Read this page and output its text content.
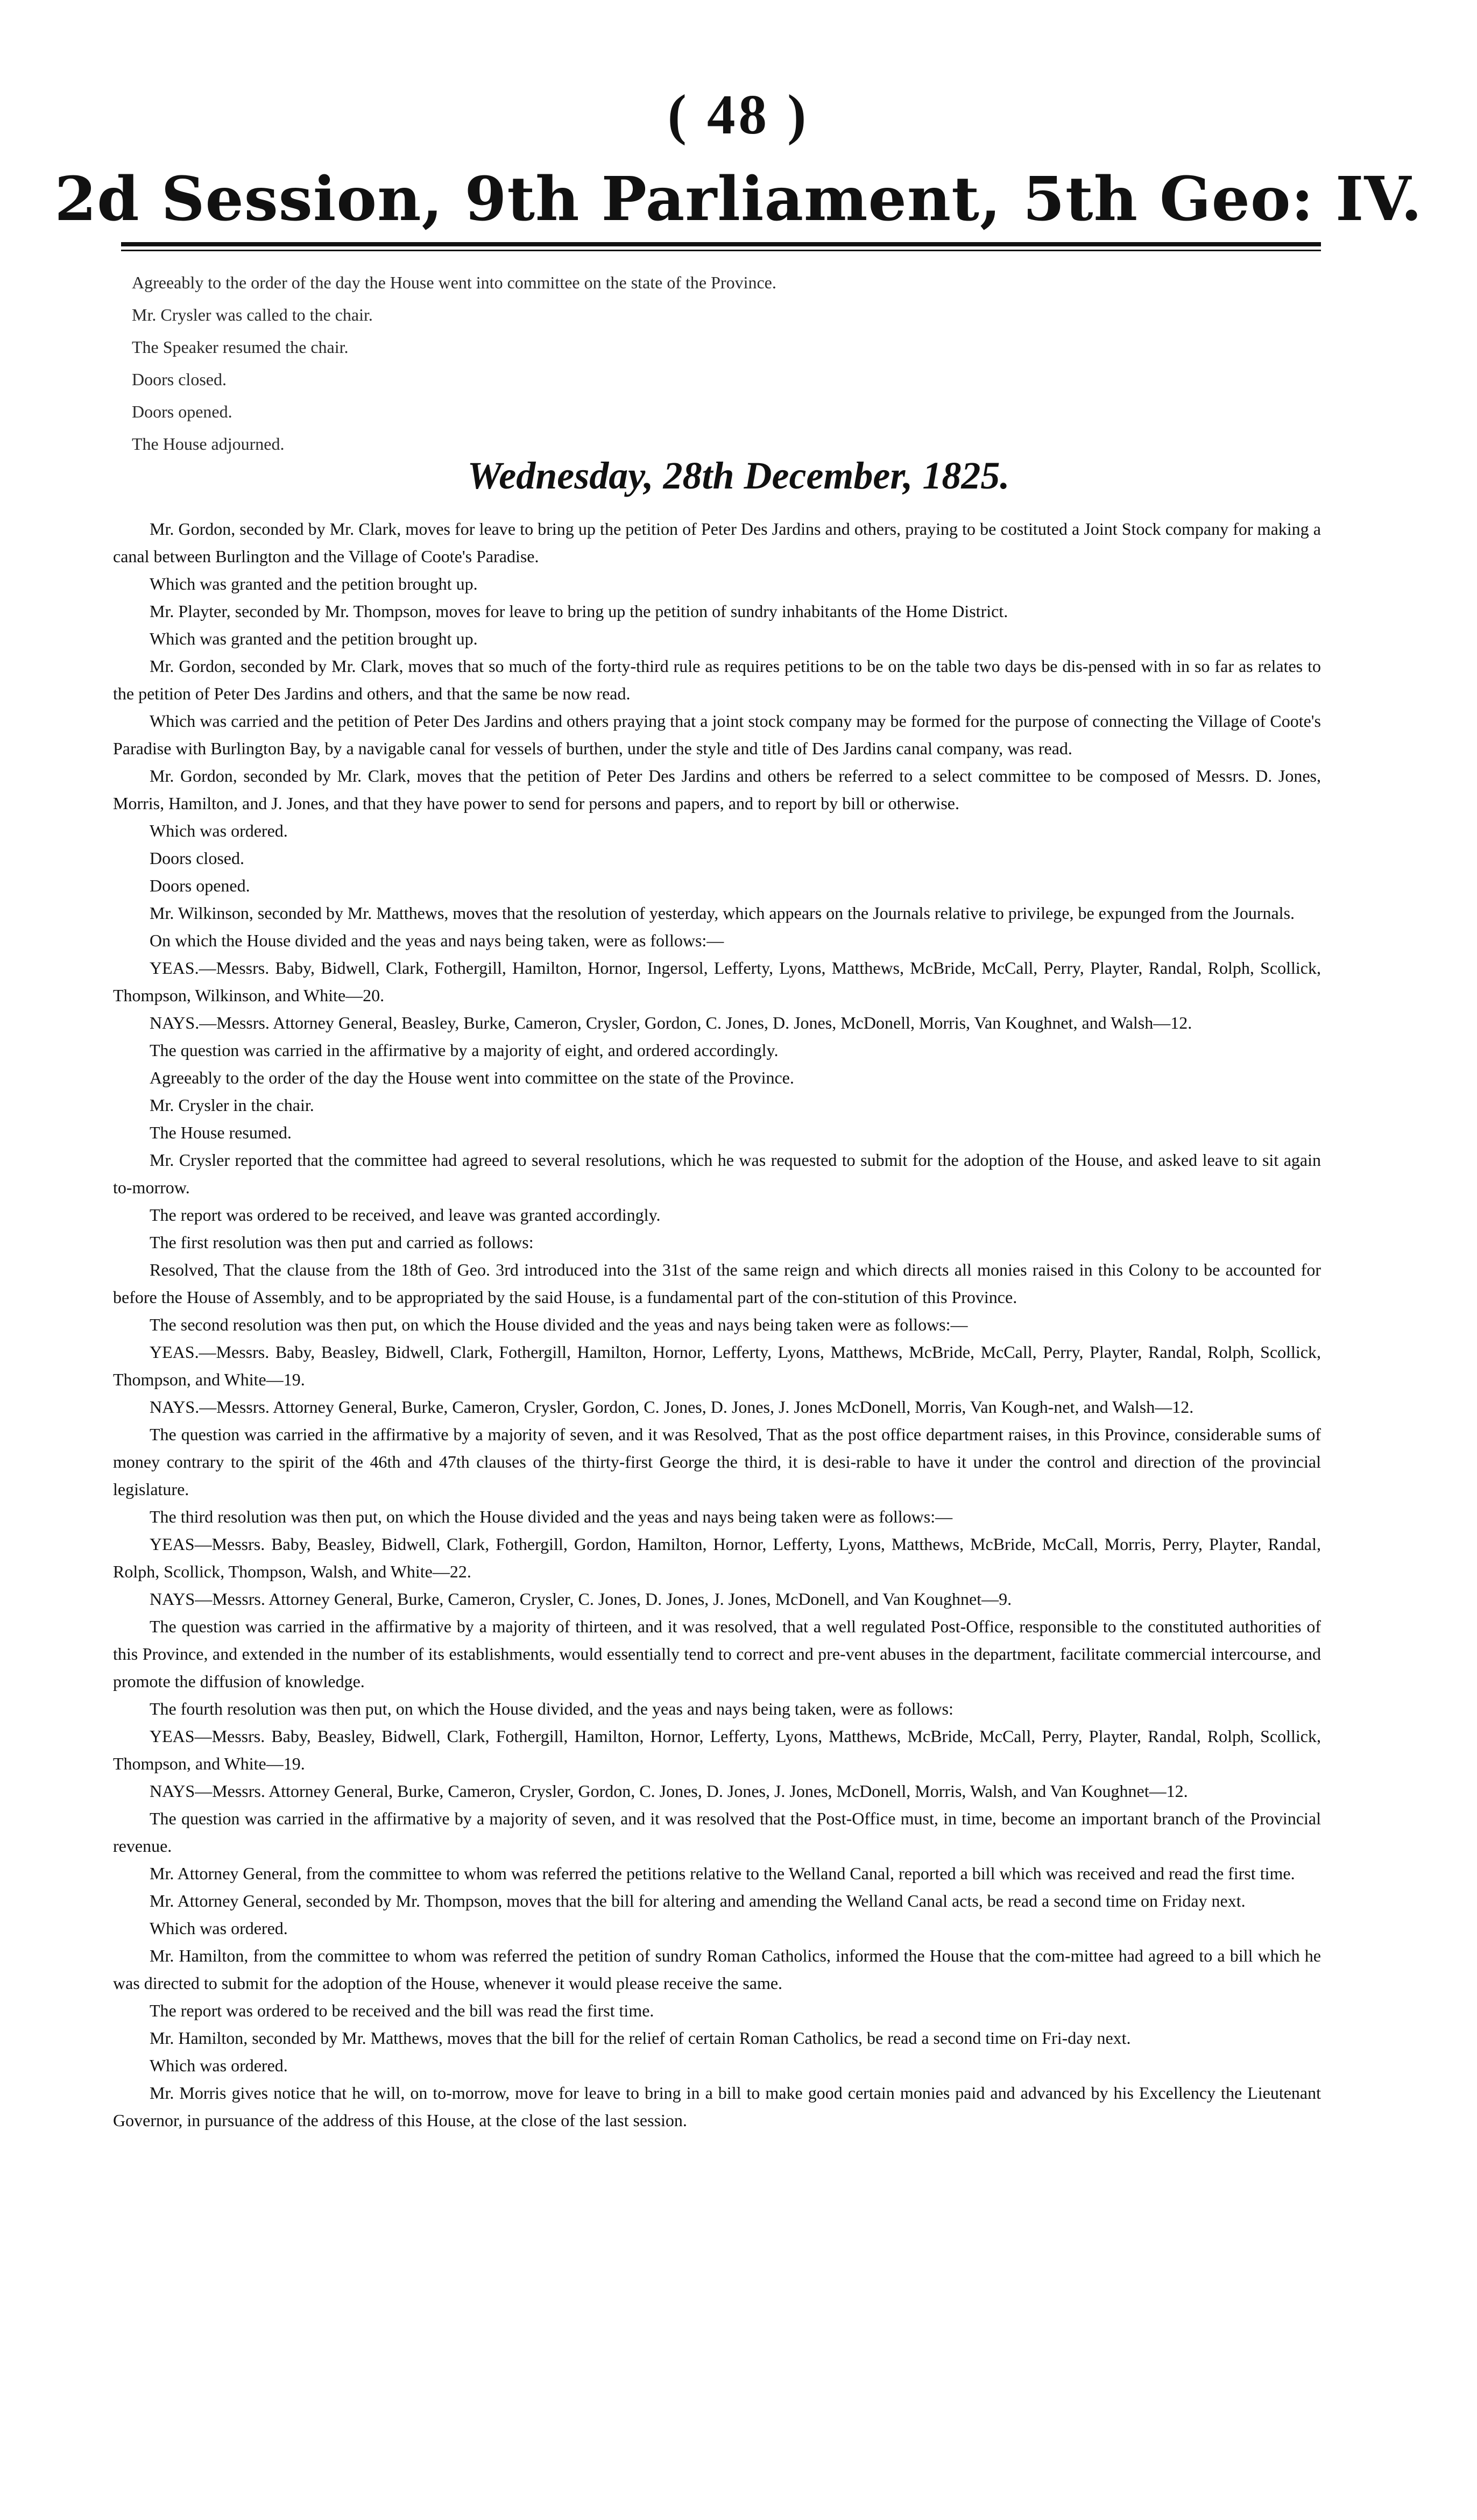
( 48 )
2d Session, 9th Parliament, 5th Geo: IV.

Agreeably to the order of the day the House went into committee on the state of the Province.

Mr. Crysler was called to the chair.

The Speaker resumed the chair.

Doors closed.

Doors opened.

The House adjourned.

Wednesday, 28th December, 1825.

Mr. Gordon, seconded by Mr. Clark, moves for leave to bring up the petition of Peter Des Jardins and others, praying to be costituted a Joint Stock company for making a canal between Burlington and the Village of Coote's Paradise.

Which was granted and the petition brought up.

Mr. Playter, seconded by Mr. Thompson, moves for leave to bring up the petition of sundry inhabitants of the Home District.

Which was granted and the petition brought up.

Mr. Gordon, seconded by Mr. Clark, moves that so much of the forty-third rule as requires petitions to be on the table two days be dis-pensed with in so far as relates to the petition of Peter Des Jardins and others, and that the same be now read.

Which was carried and the petition of Peter Des Jardins and others praying that a joint stock company may be formed for the purpose of connecting the Village of Coote's Paradise with Burlington Bay, by a navigable canal for vessels of burthen, under the style and title of Des Jardins canal company, was read.

Mr. Gordon, seconded by Mr. Clark, moves that the petition of Peter Des Jardins and others be referred to a select committee to be composed of Messrs. D. Jones, Morris, Hamilton, and J. Jones, and that they have power to send for persons and papers, and to report by bill or otherwise.

Which was ordered.

Doors closed.

Doors opened.

Mr. Wilkinson, seconded by Mr. Matthews, moves that the resolution of yesterday, which appears on the Journals relative to privilege, be expunged from the Journals.

On which the House divided and the yeas and nays being taken, were as follows:—

YEAS.—Messrs. Baby, Bidwell, Clark, Fothergill, Hamilton, Hornor, Ingersol, Lefferty, Lyons, Matthews, McBride, McCall, Perry, Playter, Randal, Rolph, Scollick, Thompson, Wilkinson, and White—20.

NAYS.—Messrs. Attorney General, Beasley, Burke, Cameron, Crysler, Gordon, C. Jones, D. Jones, McDonell, Morris, Van Koughnet, and Walsh—12.

The question was carried in the affirmative by a majority of eight, and ordered accordingly.

Agreeably to the order of the day the House went into committee on the state of the Province.

Mr. Crysler in the chair.

The House resumed.

Mr. Crysler reported that the committee had agreed to several resolutions, which he was requested to submit for the adoption of the House, and asked leave to sit again to-morrow.

The report was ordered to be received, and leave was granted accordingly.

The first resolution was then put and carried as follows:

Resolved, That the clause from the 18th of Geo. 3rd introduced into the 31st of the same reign and which directs all monies raised in this Colony to be accounted for before the House of Assembly, and to be appropriated by the said House, is a fundamental part of the con-stitution of this Province.

The second resolution was then put, on which the House divided and the yeas and nays being taken were as follows:—

YEAS.—Messrs. Baby, Beasley, Bidwell, Clark, Fothergill, Hamilton, Hornor, Lefferty, Lyons, Matthews, McBride, McCall, Perry, Playter, Randal, Rolph, Scollick, Thompson, and White—19.

NAYS.—Messrs. Attorney General, Burke, Cameron, Crysler, Gordon, C. Jones, D. Jones, J. Jones McDonell, Morris, Van Kough-net, and Walsh—12.

The question was carried in the affirmative by a majority of seven, and it was Resolved, That as the post office department raises, in this Province, considerable sums of money contrary to the spirit of the 46th and 47th clauses of the thirty-first George the third, it is desi-rable to have it under the control and direction of the provincial legislature.

The third resolution was then put, on which the House divided and the yeas and nays being taken were as follows:—

YEAS—Messrs. Baby, Beasley, Bidwell, Clark, Fothergill, Gordon, Hamilton, Hornor, Lefferty, Lyons, Matthews, McBride, McCall, Morris, Perry, Playter, Randal, Rolph, Scollick, Thompson, Walsh, and White—22.

NAYS—Messrs. Attorney General, Burke, Cameron, Crysler, C. Jones, D. Jones, J. Jones, McDonell, and Van Koughnet—9.

The question was carried in the affirmative by a majority of thirteen, and it was resolved, that a well regulated Post-Office, responsible to the constituted authorities of this Province, and extended in the number of its establishments, would essentially tend to correct and pre-vent abuses in the department, facilitate commercial intercourse, and promote the diffusion of knowledge.

The fourth resolution was then put, on which the House divided, and the yeas and nays being taken, were as follows:

YEAS—Messrs. Baby, Beasley, Bidwell, Clark, Fothergill, Hamilton, Hornor, Lefferty, Lyons, Matthews, McBride, McCall, Perry, Playter, Randal, Rolph, Scollick, Thompson, and White—19.

NAYS—Messrs. Attorney General, Burke, Cameron, Crysler, Gordon, C. Jones, D. Jones, J. Jones, McDonell, Morris, Walsh, and Van Koughnet—12.

The question was carried in the affirmative by a majority of seven, and it was resolved that the Post-Office must, in time, become an important branch of the Provincial revenue.

Mr. Attorney General, from the committee to whom was referred the petitions relative to the Welland Canal, reported a bill which was received and read the first time.

Mr. Attorney General, seconded by Mr. Thompson, moves that the bill for altering and amending the Welland Canal acts, be read a second time on Friday next.

Which was ordered.

Mr. Hamilton, from the committee to whom was referred the petition of sundry Roman Catholics, informed the House that the com-mittee had agreed to a bill which he was directed to submit for the adoption of the House, whenever it would please receive the same.

The report was ordered to be received and the bill was read the first time.

Mr. Hamilton, seconded by Mr. Matthews, moves that the bill for the relief of certain Roman Catholics, be read a second time on Fri-day next.

Which was ordered.

Mr. Morris gives notice that he will, on to-morrow, move for leave to bring in a bill to make good certain monies paid and advanced by his Excellency the Lieutenant Governor, in pursuance of the address of this House, at the close of the last session.
